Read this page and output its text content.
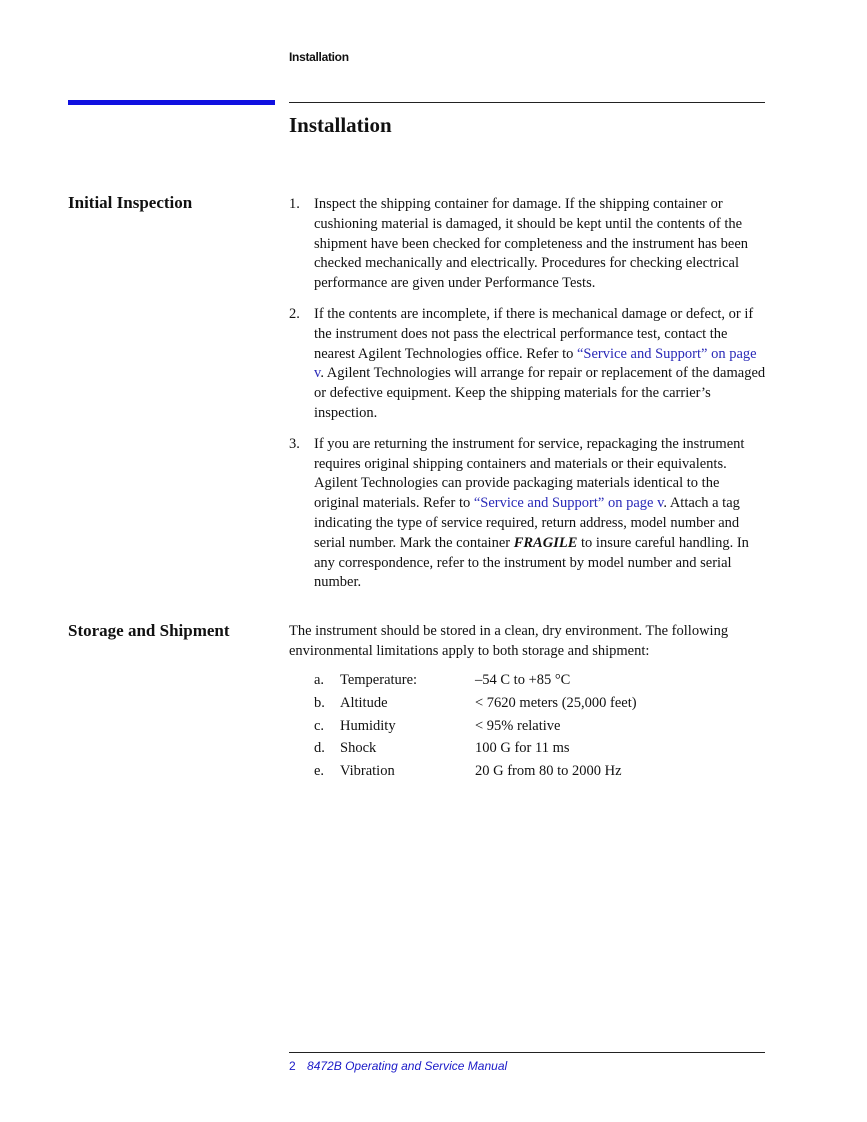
Installation
Installation
Initial Inspection	1. Inspect the shipping container for damage. If the shipping container or cushioning material is damaged, it should be kept until the contents of the shipment have been checked for completeness and the instrument has been checked mechanically and electrically. Procedures for checking electrical performance are given under Performance Tests.
2. If the contents are incomplete, if there is mechanical damage or defect, or if the instrument does not pass the electrical performance test, contact the nearest Agilent Technologies office. Refer to “Service and Support” on page v. Agilent Technologies will arrange for repair or replacement of the damaged or defective equipment. Keep the shipping materials for the carrier’s inspection.
3. If you are returning the instrument for service, repackaging the instrument requires original shipping containers and materials or their equivalents. Agilent Technologies can provide packaging materials identical to the original materials. Refer to “Service and Support” on page v. Attach a tag indicating the type of service required, return address, model number and serial number. Mark the container FRAGILE to insure careful handling. In any correspondence, refer to the instrument by model number and serial number.
Storage and Shipment	The instrument should be stored in a clean, dry environment. The following environmental limitations apply to both storage and shipment:
a. Temperature:	–54 C to +85 °C
b. Altitude	< 7620 meters (25,000 feet)
c. Humidity	< 95% relative
d. Shock	100 G for 11 ms
e. Vibration	20 G from 80 to 2000 Hz
2 8472B Operating and Service Manual
